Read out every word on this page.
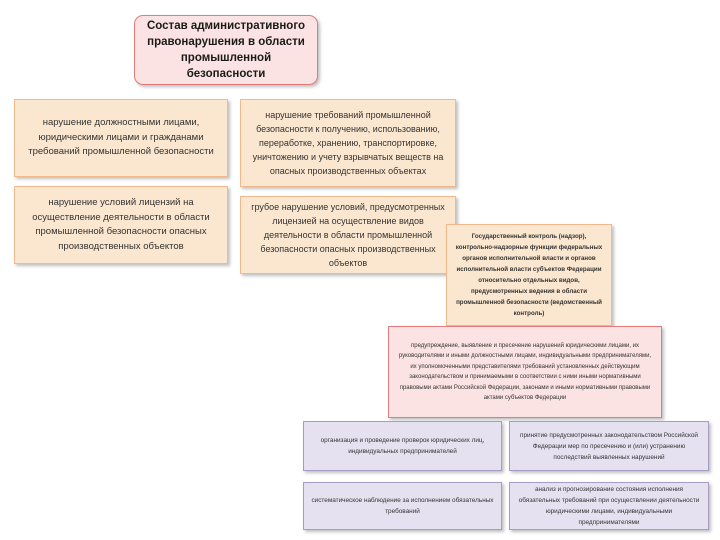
Состав административного правонарушения в области промышленной безопасности
нарушение должностными лицами, юридическими лицами и гражданами требований промышленной безопасности
нарушение требований промышленной безопасности к получению, использованию, переработке, хранению, транспортировке, уничтожению и учету взрывчатых веществ на опасных производственных объектах
нарушение условий лицензий на осуществление деятельности в области промышленной безопасности опасных производственных объектов
грубое нарушение условий, предусмотренных лицензией на осуществление видов деятельности в области промышленной безопасности опасных производственных объектов
Государственный контроль (надзор), контрольно-надзорные функции федеральных органов исполнительной власти и органов исполнительной власти субъектов Федерации относительно отдельных видов, предусмотренных ведения в области промышленной безопасности (ведомственный контроль)
предупреждение, выявление и пресечение нарушений юридическими лицами, их руководителями и иными должностными лицами, индивидуальными предпринимателями, их уполномоченными представителями требований установленных действующим законодательством и принимаемыми в соответствии с ними иными нормативными правовыми актами Российской Федерации, законами и иными нормативными правовыми актами субъектов Федерации
организация и проведение проверок юридических лиц, индивидуальных предпринимателей
принятие предусмотренных законодательством Российской Федерации мер по пресечению и (или) устранению последствий выявленных нарушений
систематическое наблюдение за исполнением обязательных требований
анализ и прогнозирование состояния исполнения обязательных требований при осуществлении деятельности юридическими лицами, индивидуальными предпринимателями
